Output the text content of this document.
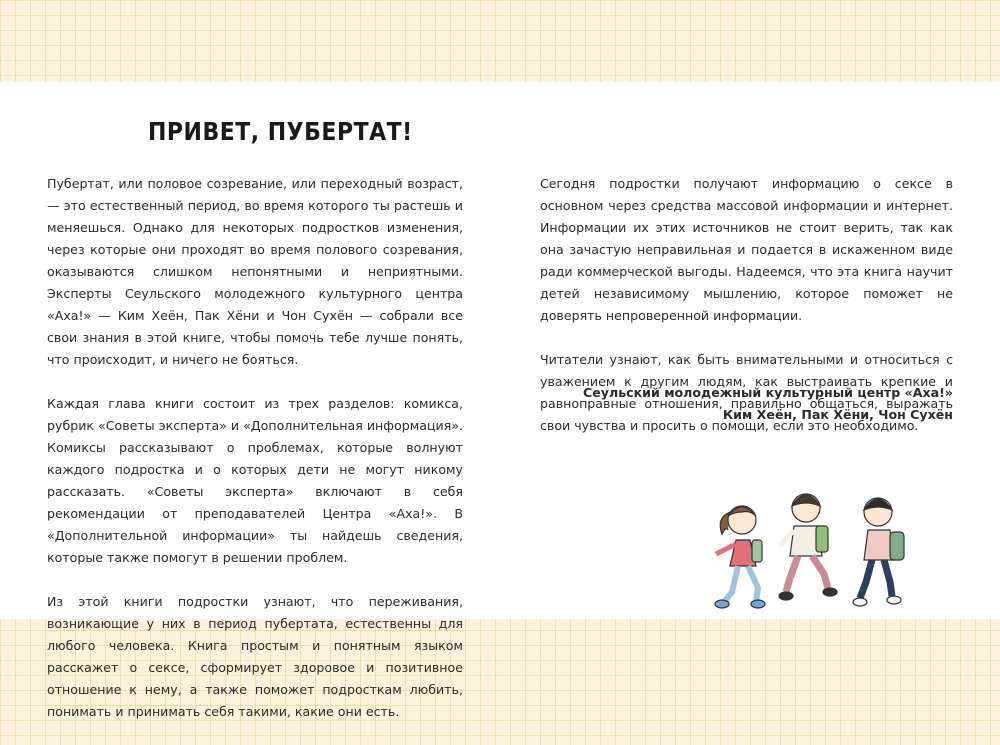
ПРИВЕТ, ПУБЕРТАТ!

Пубертат, или половое созревание, или переходный возраст, — это естественный период, во время которого ты растешь и меняешься. Однако для некоторых подростков изменения, через которые они проходят во время полового созревания, оказываются слишком непонятными и неприятными. Эксперты Сеульского молодежного культурного центра «Аха!» — Ким Хеён, Пак Хёни и Чон Сухён — собрали все свои знания в этой книге, чтобы помочь тебе лучше понять, что происходит, и ничего не бояться.

Каждая глава книги состоит из трех разделов: комикса, рубрик «Советы эксперта» и «Дополнительная информация». Комиксы рассказывают о проблемах, которые волнуют каждого подростка и о которых дети не могут никому рассказать. «Советы эксперта» включают в себя рекомендации от преподавателей Центра «Аха!». В «Дополнительной информации» ты найдешь сведения, которые также помогут в решении проблем.

Из этой книги подростки узнают, что переживания, возникающие у них в период пубертата, естественны для любого человека. Книга простым и понятным языком расскажет о сексе, сформирует здоровое и позитивное отношение к нему, а также поможет подросткам любить, понимать и принимать себя такими, какие они есть.

Сегодня подростки получают информацию о сексе в основном через средства массовой информации и интернет. Информации их этих источников не стоит верить, так как она зачастую неправильная и подается в искаженном виде ради коммерческой выгоды. Надеемся, что эта книга научит детей независимому мышлению, которое поможет не доверять непроверенной информации.

Читатели узнают, как быть внимательными и относиться с уважением к другим людям, как выстраивать крепкие и равноправные отношения, правильно общаться, выражать свои чувства и просить о помощи, если это необходимо.

Сеульский молодежный культурный центр «Аха!»
Ким Хеён, Пак Хёни, Чон Сухён
